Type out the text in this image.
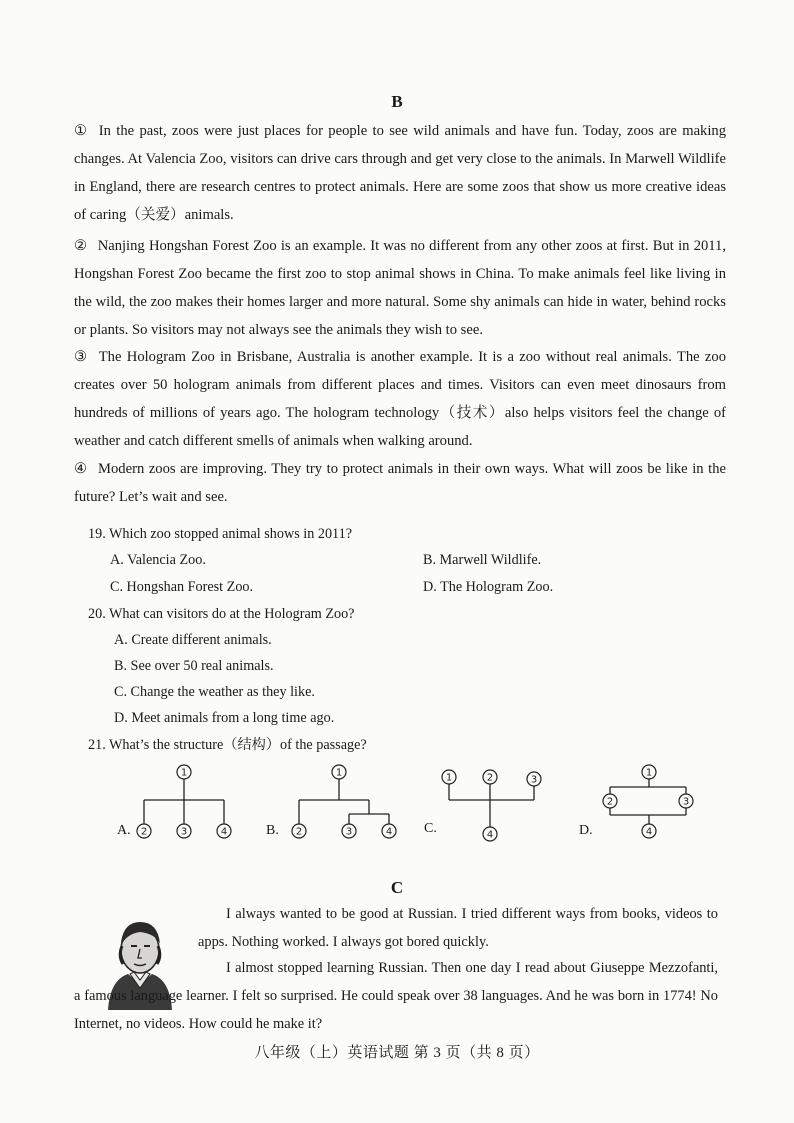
B
① In the past, zoos were just places for people to see wild animals and have fun. Today, zoos are making changes. At Valencia Zoo, visitors can drive cars through and get very close to the animals. In Marwell Wildlife in England, there are research centres to protect animals. Here are some zoos that show us more creative ideas of caring（关爱）animals.
② Nanjing Hongshan Forest Zoo is an example. It was no different from any other zoos at first. But in 2011, Hongshan Forest Zoo became the first zoo to stop animal shows in China. To make animals feel like living in the wild, the zoo makes their homes larger and more natural. Some shy animals can hide in water, behind rocks or plants. So visitors may not always see the animals they wish to see.
③ The Hologram Zoo in Brisbane, Australia is another example. It is a zoo without real animals. The zoo creates over 50 hologram animals from different places and times. Visitors can even meet dinosaurs from hundreds of millions of years ago. The hologram technology（技术）also helps visitors feel the change of weather and catch different smells of animals when walking around.
④ Modern zoos are improving. They try to protect animals in their own ways. What will zoos be like in the future? Let’s wait and see.
19. Which zoo stopped animal shows in 2011?
A. Valencia Zoo.	B. Marwell Wildlife.
C. Hongshan Forest Zoo.	D. The Hologram Zoo.
20. What can visitors do at the Hologram Zoo?
A. Create different animals.
B. See over 50 real animals.
C. Change the weather as they like.
D. Meet animals from a long time ago.
21. What’s the structure（结构）of the passage?
A.
1
2	3	4	B.
1
2	3	4 C.
1	2	3
4	D.
1
2	3
4
C
I always wanted to be good at Russian. I tried different ways from books, videos to apps. Nothing worked. I always got bored quickly.
I almost stopped learning Russian. Then one day I read about Giuseppe Mezzofanti, a famous language learner. I felt so surprised. He could speak over 38 languages. And he was born in 1774! No Internet, no videos. How could he make it?
八年级（上）英语试题 第 3 页（共 8 页）
